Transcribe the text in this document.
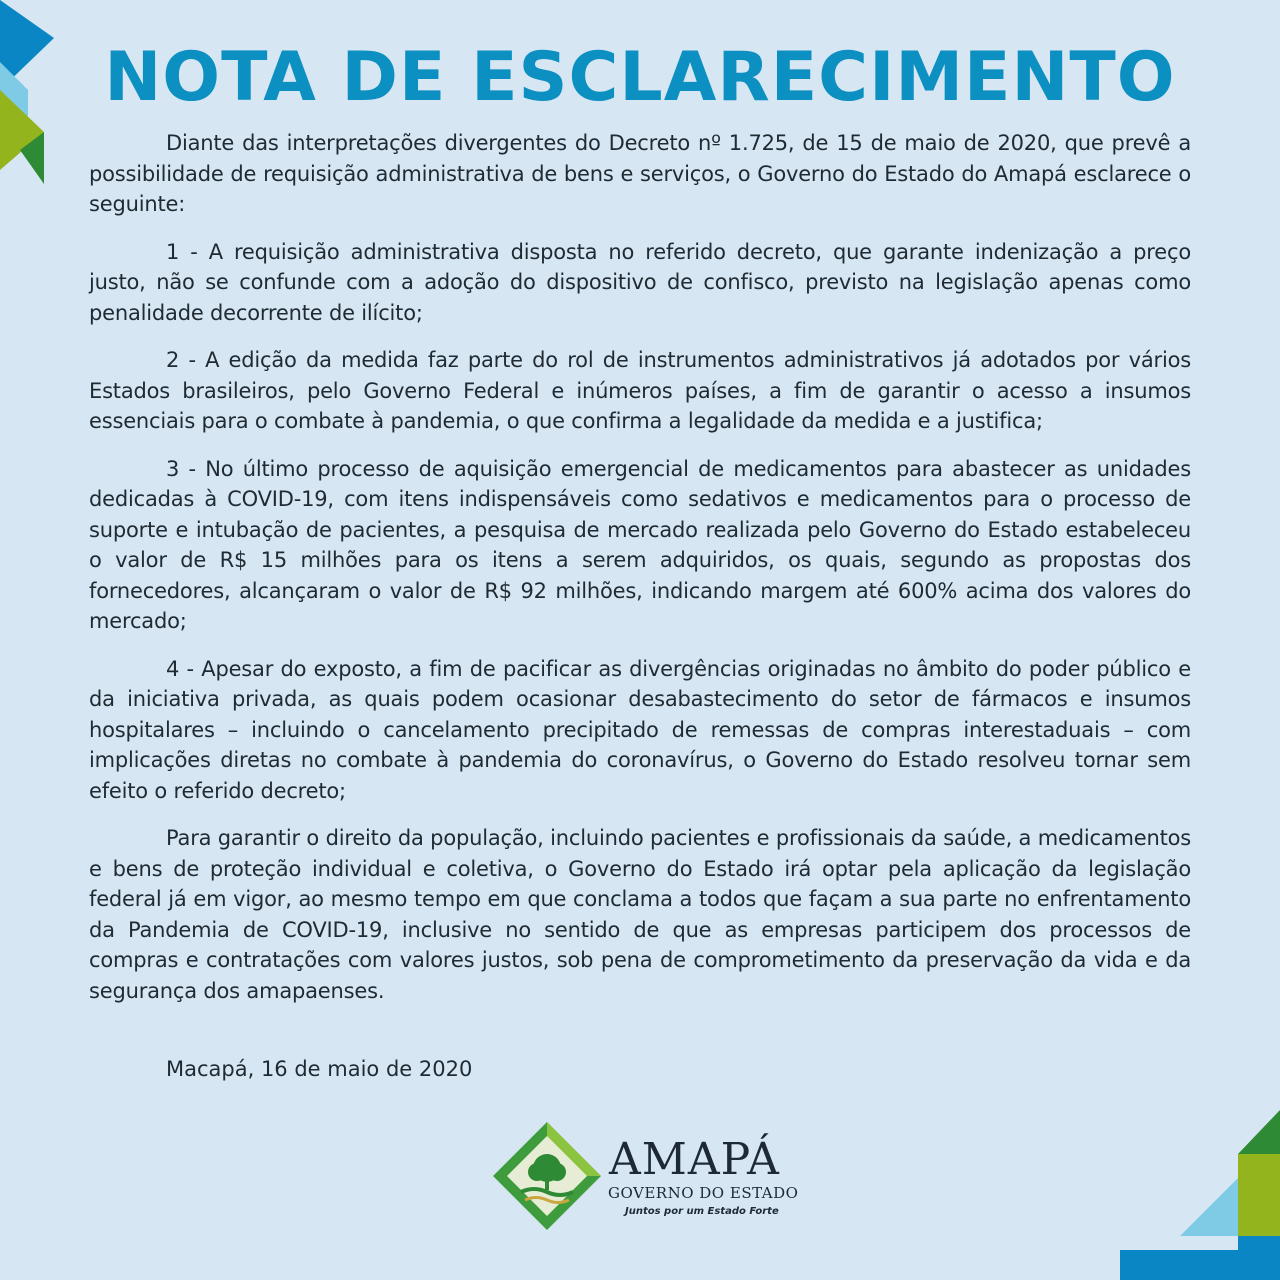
NOTA DE ESCLARECIMENTO

Diante das interpretações divergentes do Decreto nº 1.725, de 15 de maio de 2020, que prevê a possibilidade de requisição administrativa de bens e serviços, o Governo do Estado do Amapá esclarece o seguinte:

1 - A requisição administrativa disposta no referido decreto, que garante indenização a preço justo, não se confunde com a adoção do dispositivo de confisco, previsto na legislação apenas como penalidade decorrente de ilícito;

2 - A edição da medida faz parte do rol de instrumentos administrativos já adotados por vários Estados brasileiros, pelo Governo Federal e inúmeros países, a fim de garantir o acesso a insumos essenciais para o combate à pandemia, o que confirma a legalidade da medida e a justifica;

3 - No último processo de aquisição emergencial de medicamentos para abastecer as unidades dedicadas à COVID-19, com itens indispensáveis como sedativos e medicamentos para o processo de suporte e intubação de pacientes, a pesquisa de mercado realizada pelo Governo do Estado estabeleceu o valor de R$ 15 milhões para os itens a serem adquiridos, os quais, segundo as propostas dos fornecedores, alcançaram o valor de R$ 92 milhões, indicando margem até 600% acima dos valores do mercado;

4 - Apesar do exposto, a fim de pacificar as divergências originadas no âmbito do poder público e da iniciativa privada, as quais podem ocasionar desabastecimento do setor de fármacos e insumos hospitalares – incluindo o cancelamento precipitado de remessas de compras interestaduais – com implicações diretas no combate à pandemia do coronavírus, o Governo do Estado resolveu tornar sem efeito o referido decreto;

Para garantir o direito da população, incluindo pacientes e profissionais da saúde, a medicamentos e bens de proteção individual e coletiva, o Governo do Estado irá optar pela aplicação da legislação federal já em vigor, ao mesmo tempo em que conclama a todos que façam a sua parte no enfrentamento da Pandemia de COVID-19, inclusive no sentido de que as empresas participem dos processos de compras e contratações com valores justos, sob pena de comprometimento da preservação da vida e da segurança dos amapaenses.

Macapá, 16 de maio de 2020

AMAPÁ
GOVERNO DO ESTADO
Juntos por um Estado Forte
